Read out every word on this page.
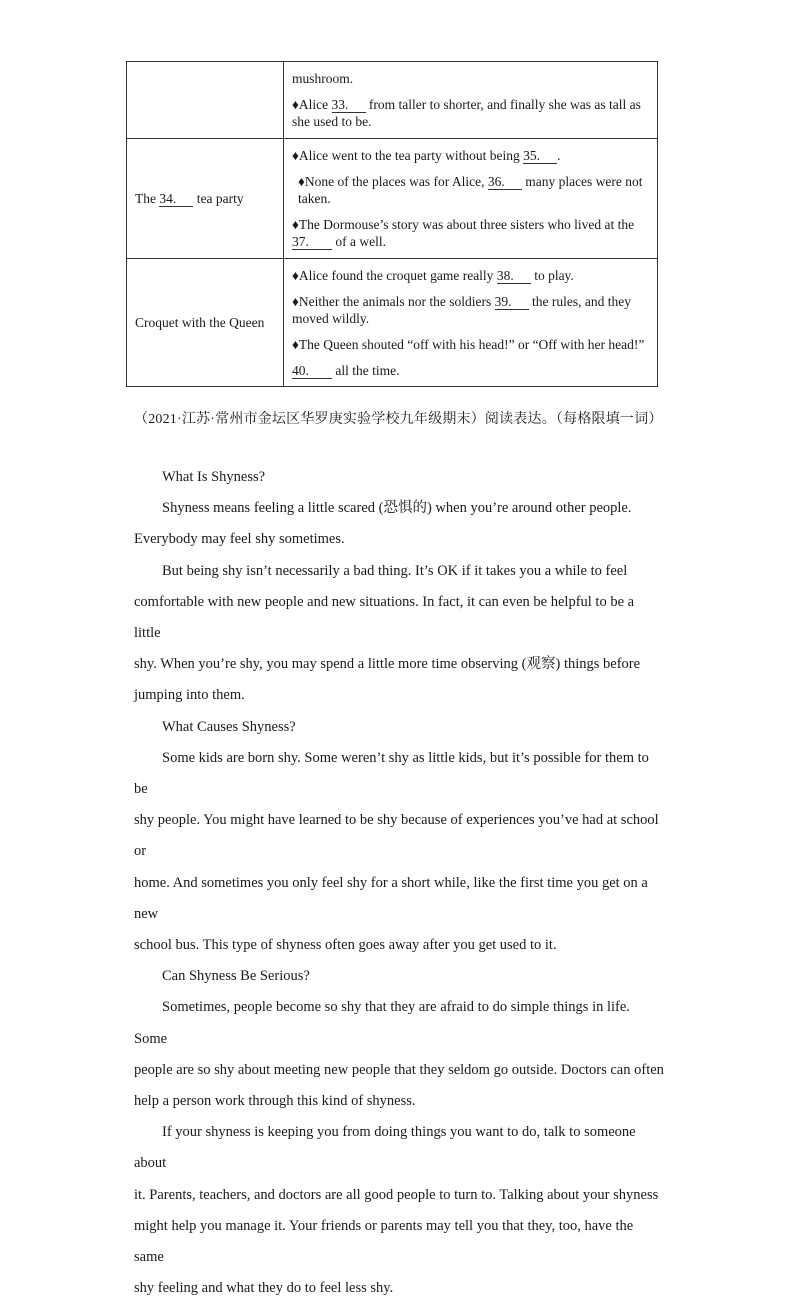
	mushroom.

♦Alice 33. from taller to shorter, and finally she was as tall as

she used to be.

The 34. tea party	♦Alice went to the tea party without being 35. .

♦None of the places was for Alice, 36. many places were not

taken.

♦The Dormouse’s story was about three sisters who lived at the

37. of a well.

Croquet with the Queen	♦Alice found the croquet game really 38. to play.

♦Neither the animals nor the soldiers 39. the rules, and they

moved wildly.

♦The Queen shouted “off with his head!” or “Off with her head!”

40. all the time.

（2021·江苏·常州市金坛区华罗庚实验学校九年级期末）阅读表达。（每格限填一词）

What Is Shyness?

Shyness means feeling a little scared (恐惧的) when you’re around other people.

Everybody may feel shy sometimes.

But being shy isn’t necessarily a bad thing. It’s OK if it takes you a while to feel

comfortable with new people and new situations. In fact, it can even be helpful to be a little

shy. When you’re shy, you may spend a little more time observing (观察) things before

jumping into them.

What Causes Shyness?

Some kids are born shy. Some weren’t shy as little kids, but it’s possible for them to be

shy people. You might have learned to be shy because of experiences you’ve had at school or

home. And sometimes you only feel shy for a short while, like the first time you get on a new

school bus. This type of shyness often goes away after you get used to it.

Can Shyness Be Serious?

Sometimes, people become so shy that they are afraid to do simple things in life. Some

people are so shy about meeting new people that they seldom go outside. Doctors can often

help a person work through this kind of shyness.

If your shyness is keeping you from doing things you want to do, talk to someone about

it. Parents, teachers, and doctors are all good people to turn to. Talking about your shyness

might help you manage it. Your friends or parents may tell you that they, too, have the same

shy feeling and what they do to feel less shy.
